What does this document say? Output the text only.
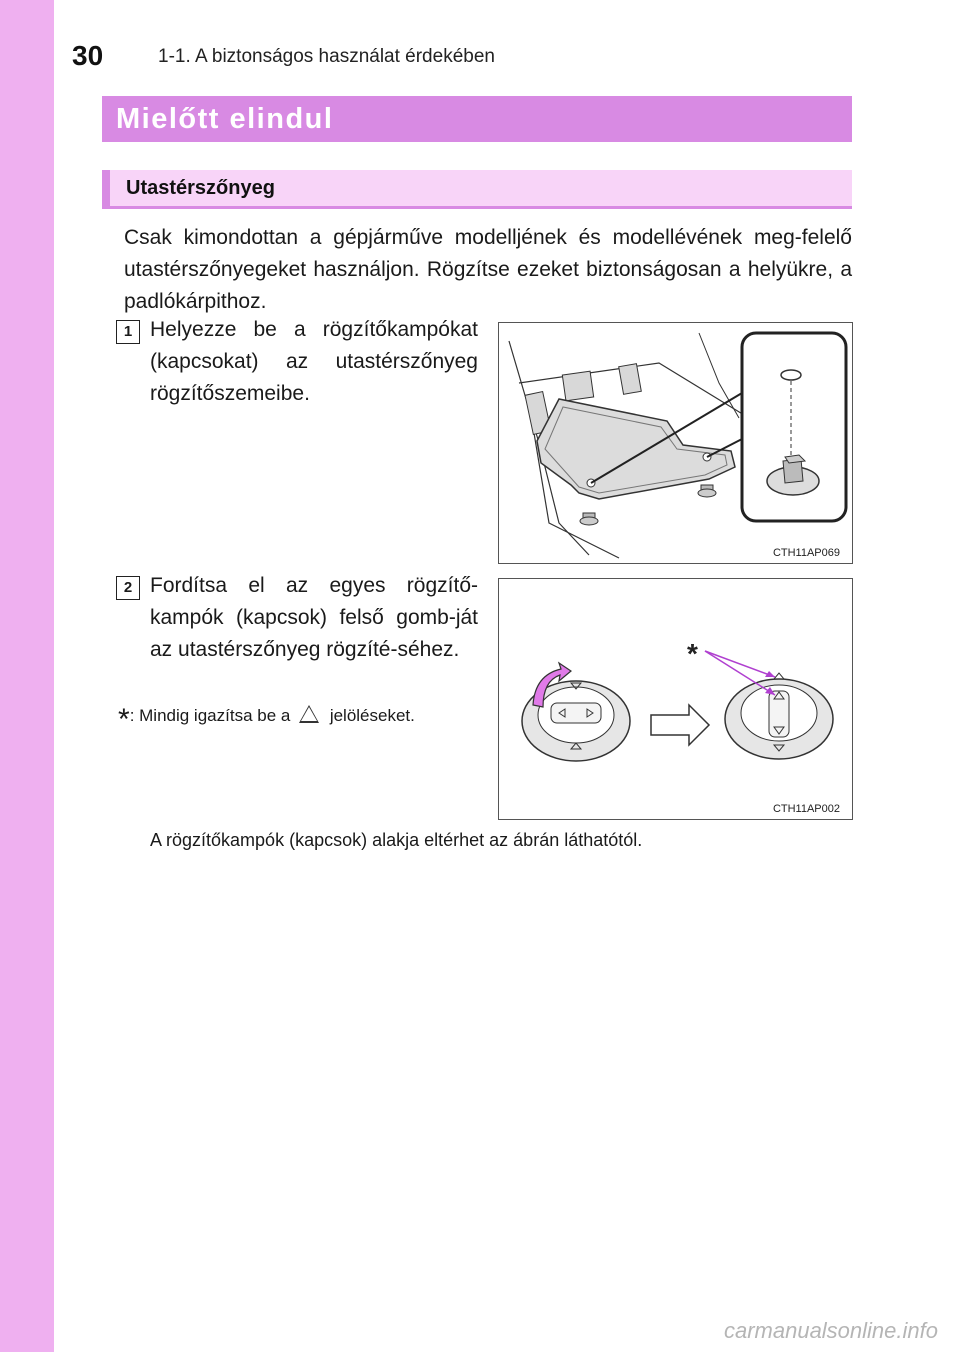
30	1-1. A biztonságos használat érdekében
Mielőtt elindul
Utastérszőnyeg
Csak kimondottan a gépjárműve modelljének és modellévének meg-felelő utastérszőnyegeket használjon. Rögzítse ezeket biztonságosan a helyükre, a padlókárpithoz.
1 Helyezze be a rögzítőkampókat (kapcsokat) az utastérszőnyeg rögzítőszemeibe.
CTH11AP069
2 Fordítsa el az egyes rögzítő-kampók (kapcsok) felső gomb-ját az utastérszőnyeg rögzíté-séhez.
*: Mindig igazítsa be a jelöléseket.
*
CTH11AP002
A rögzítőkampók (kapcsok) alakja eltérhet az ábrán láthatótól.
carmanualsonline.info
